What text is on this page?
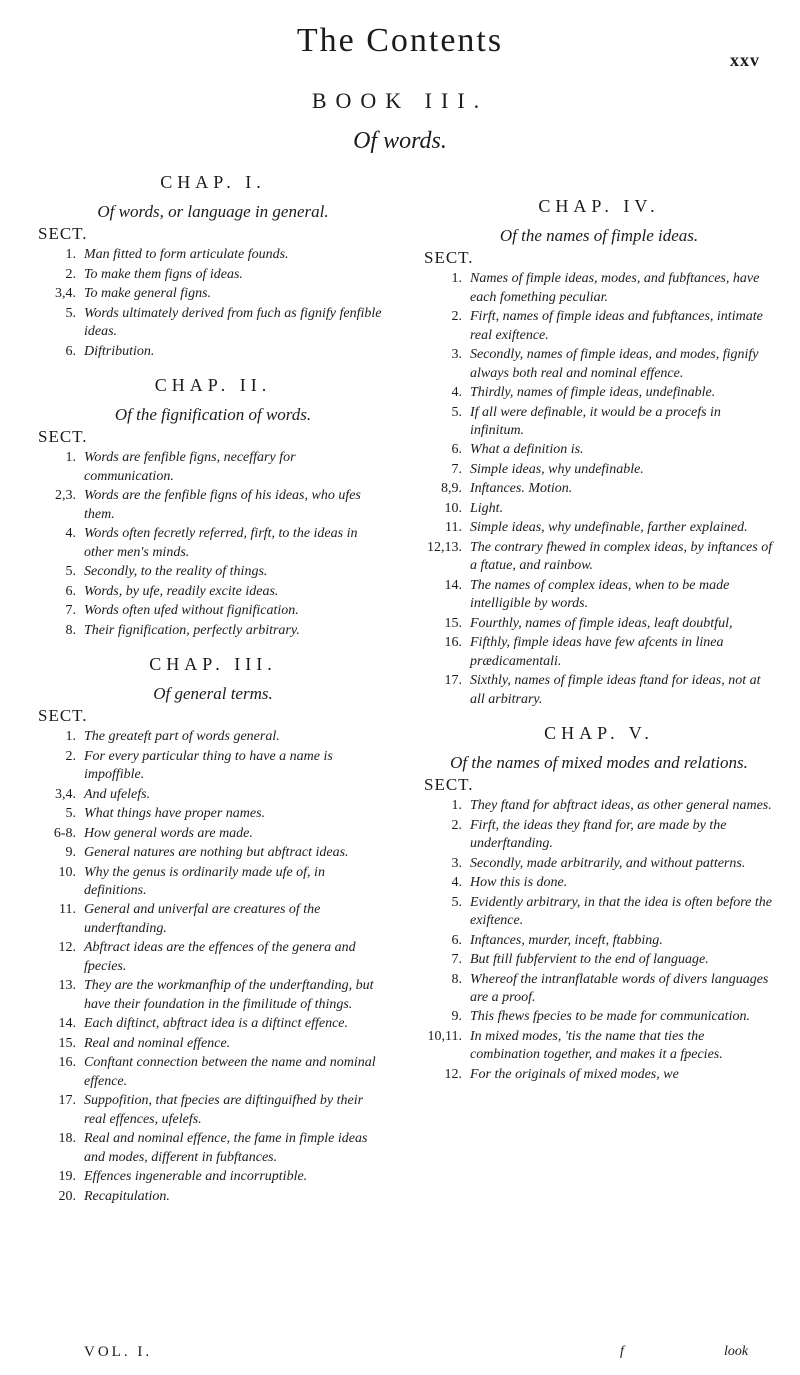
The Contents
xxv
BOOK III.
Of words.
CHAP. I.
Of words, or language in general.
SECT.
1. Man fitted to form articulate founds.
2. To make them figns of ideas.
3,4. To make general figns.
5. Words ultimately derived from fuch as fignify fenfible ideas.
6. Diftribution.
CHAP. II.
Of the fignification of words.
SECT.
1. Words are fenfible figns, neceffary for communication.
2,3. Words are the fenfible figns of his ideas, who ufes them.
4. Words often fecretly referred, firft, to the ideas in other men's minds.
5. Secondly, to the reality of things.
6. Words, by ufe, readily excite ideas.
7. Words often ufed without fignification.
8. Their fignification, perfectly arbitrary.
CHAP. III.
Of general terms.
SECT.
1. The greateft part of words general.
2. For every particular thing to have a name is impoffible.
3,4. And ufelefs.
5. What things have proper names.
6-8. How general words are made.
9. General natures are nothing but abftract ideas.
10. Why the genus is ordinarily made ufe of, in definitions.
11. General and univerfal are creatures of the underftanding.
12. Abftract ideas are the effences of the genera and fpecies.
13. They are the workmanfhip of the underftanding, but have their foundation in the fimilitude of things.
14. Each diftinct, abftract idea is a diftinct effence.
15. Real and nominal effence.
16. Conftant connection between the name and nominal effence.
17. Suppofition, that fpecies are diftinguifhed by their real effences, ufelefs.
18. Real and nominal effence, the fame in fimple ideas and modes, different in fubftances.
19. Effences ingenerable and incorruptible.
20. Recapitulation.
CHAP. IV.
Of the names of fimple ideas.
SECT.
1. Names of fimple ideas, modes, and fubftances, have each fomething peculiar.
2. Firft, names of fimple ideas and fubftances, intimate real exiftence.
3. Secondly, names of fimple ideas, and modes, fignify always both real and nominal effence.
4. Thirdly, names of fimple ideas, undefinable.
5. If all were definable, it would be a procefs in infinitum.
6. What a definition is.
7. Simple ideas, why undefinable.
8,9. Inftances. Motion.
10. Light.
11. Simple ideas, why undefinable, farther explained.
12,13. The contrary fhewed in complex ideas, by inftances of a ftatue, and rainbow.
14. The names of complex ideas, when to be made intelligible by words.
15. Fourthly, names of fimple ideas, leaft doubtful,
16. Fifthly, fimple ideas have few afcents in linea prædicamentali.
17. Sixthly, names of fimple ideas ftand for ideas, not at all arbitrary.
CHAP. V.
Of the names of mixed modes and relations.
SECT.
1. They ftand for abftract ideas, as other general names.
2. Firft, the ideas they ftand for, are made by the underftanding.
3. Secondly, made arbitrarily, and without patterns.
4. How this is done.
5. Evidently arbitrary, in that the idea is often before the exiftence.
6. Inftances, murder, inceft, ftabbing.
7. But ftill fubfervient to the end of language.
8. Whereof the intranflatable words of divers languages are a proof.
9. This fhews fpecies to be made for communication.
10,11. In mixed modes, 'tis the name that ties the combination together, and makes it a fpecies.
12. For the originals of mixed modes, we
VOL. I.	f	look
